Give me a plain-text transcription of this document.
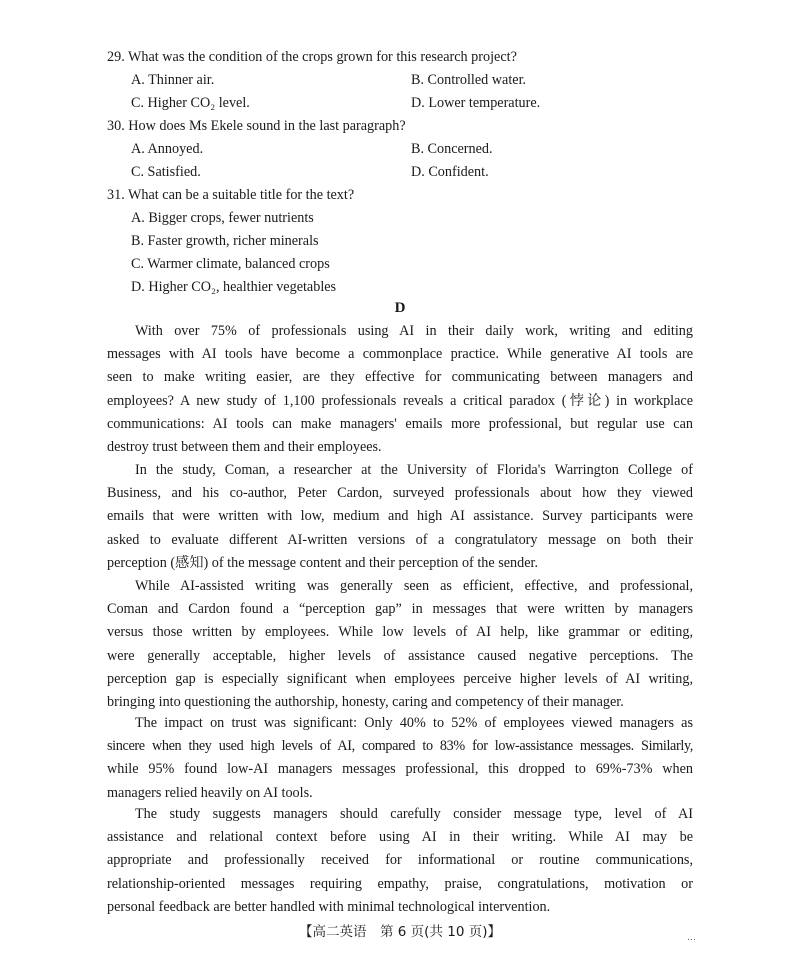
29. What was the condition of the crops grown for this research project?
A. Thinner air.	B. Controlled water.
C. Higher CO₂ level.	D. Lower temperature.
30. How does Ms Ekele sound in the last paragraph?
A. Annoyed.	B. Concerned.
C. Satisfied.	D. Confident.
31. What can be a suitable title for the text?
A. Bigger crops, fewer nutrients
B. Faster growth, richer minerals
C. Warmer climate, balanced crops
D. Higher CO₂, healthier vegetables
D
With over 75% of professionals using AI in their daily work, writing and editing
messages with AI tools have become a commonplace practice. While generative AI tools are
seen to make writing easier, are they effective for communicating between managers and
employees? A new study of 1,100 professionals reveals a critical paradox (悖论) in workplace
communications: AI tools can make managers' emails more professional, but regular use can
destroy trust between them and their employees.
In the study, Coman, a researcher at the University of Florida's Warrington College of
Business, and his co-author, Peter Cardon, surveyed professionals about how they viewed
emails that were written with low, medium and high AI assistance. Survey participants were
asked to evaluate different AI-written versions of a congratulatory message on both their
perception (感知) of the message content and their perception of the sender.
While AI-assisted writing was generally seen as efficient, effective, and professional,
Coman and Cardon found a “perception gap” in messages that were written by managers
versus those written by employees. While low levels of AI help, like grammar or editing,
were generally acceptable, higher levels of assistance caused negative perceptions. The
perception gap is especially significant when employees perceive higher levels of AI writing,
bringing into questioning the authorship, honesty, caring and competency of their manager.
The impact on trust was significant: Only 40% to 52% of employees viewed managers as
sincere when they used high levels of AI, compared to 83% for low-assistance messages. Similarly,
while 95% found low-AI managers messages professional, this dropped to 69%-73% when
managers relied heavily on AI tools.
The study suggests managers should carefully consider message type, level of AI
assistance and relational context before using AI in their writing. While AI may be
appropriate and professionally received for informational or routine communications,
relationship-oriented messages requiring empathy, praise, congratulations, motivation or
personal feedback are better handled with minimal technological intervention.
【高二英语　第 6 页(共 10 页)】	…
